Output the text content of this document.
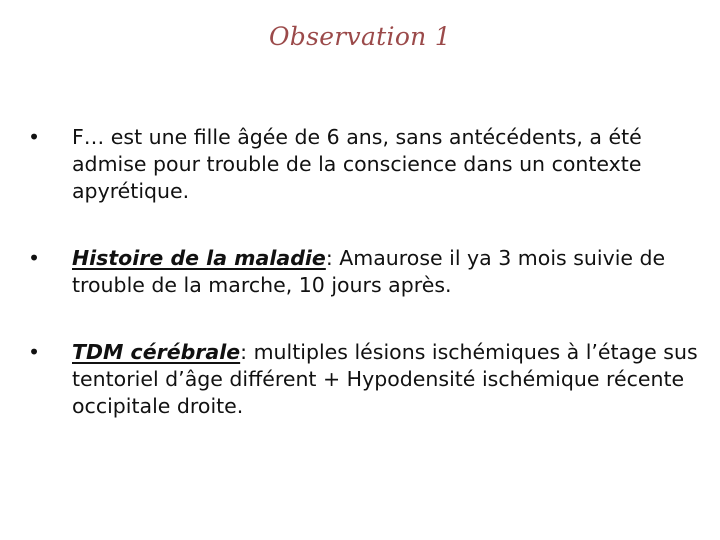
Observation 1
•	F… est une fille âgée de 6 ans, sans antécédents, a été admise pour trouble de la conscience dans un contexte apyrétique.
•	Histoire de la maladie: Amaurose il ya 3 mois suivie de trouble de la marche, 10 jours après.
•	TDM cérébrale: multiples lésions ischémiques à l’étage sus tentoriel d’âge différent + Hypodensité ischémique récente occipitale droite.
